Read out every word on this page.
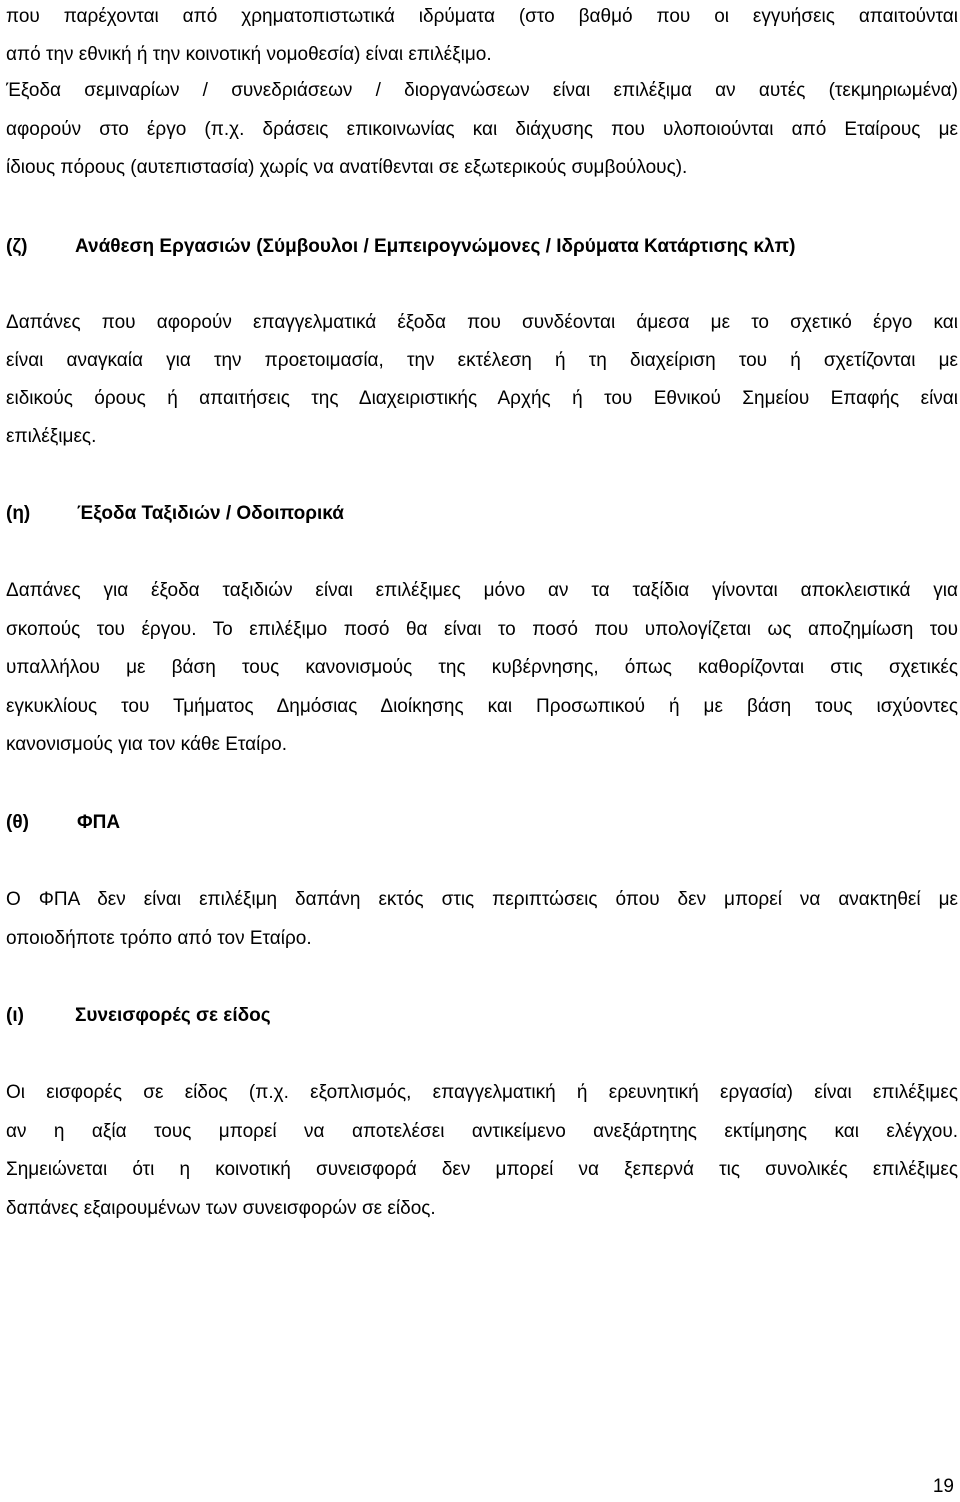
που παρέχονται από χρηματοπιστωτικά ιδρύματα (στο βαθμό που οι εγγυήσεις απαιτούνται
από την εθνική ή την κοινοτική νομοθεσία) είναι επιλέξιμο.
Έξοδα σεμιναρίων / συνεδριάσεων / διοργανώσεων είναι επιλέξιμα αν αυτές (τεκμηριωμένα)
αφορούν στο έργο (π.χ. δράσεις επικοινωνίας και διάχυσης που υλοποιούνται από Εταίρους με
ίδιους πόρους (αυτεπιστασία) χωρίς να ανατίθενται σε εξωτερικούς συμβούλους).
(ζ)	Ανάθεση Εργασιών (Σύμβουλοι / Εμπειρογνώμονες / Ιδρύματα Κατάρτισης κλπ)
Δαπάνες που αφορούν επαγγελματικά έξοδα που συνδέονται άμεσα με το σχετικό έργο και
είναι αναγκαία για την προετοιμασία, την εκτέλεση ή τη διαχείριση του ή σχετίζονται με
ειδικούς όρους ή απαιτήσεις της Διαχειριστικής Αρχής ή του Εθνικού Σημείου Επαφής είναι
επιλέξιμες.
(η) Έξοδα Ταξιδιών / Οδοιπορικά
Δαπάνες για έξοδα ταξιδιών είναι επιλέξιμες μόνο αν τα ταξίδια γίνονται αποκλειστικά για
σκοπούς του έργου. Το επιλέξιμο ποσό θα είναι το ποσό που υπολογίζεται ως αποζημίωση του
υπαλλήλου με βάση τους κανονισμούς της κυβέρνησης, όπως καθορίζονται στις σχετικές
εγκυκλίους του Τμήματος Δημόσιας Διοίκησης και Προσωπικού ή με βάση τους ισχύοντες
κανονισμούς για τον κάθε Εταίρο.
(θ)	ΦΠΑ
Ο ΦΠΑ δεν είναι επιλέξιμη δαπάνη εκτός στις περιπτώσεις όπου δεν μπορεί να ανακτηθεί με
οποιοδήποτε τρόπο από τον Εταίρο.
(ι)	Συνεισφορές σε είδος
Οι εισφορές σε είδος (π.χ. εξοπλισμός, επαγγελματική ή ερευνητική εργασία) είναι επιλέξιμες
αν η αξία τους μπορεί να αποτελέσει αντικείμενο ανεξάρτητης εκτίμησης και ελέγχου.
Σημειώνεται ότι η κοινοτική συνεισφορά δεν μπορεί να ξεπερνά τις συνολικές επιλέξιμες
δαπάνες εξαιρουμένων των συνεισφορών σε είδος.
19
